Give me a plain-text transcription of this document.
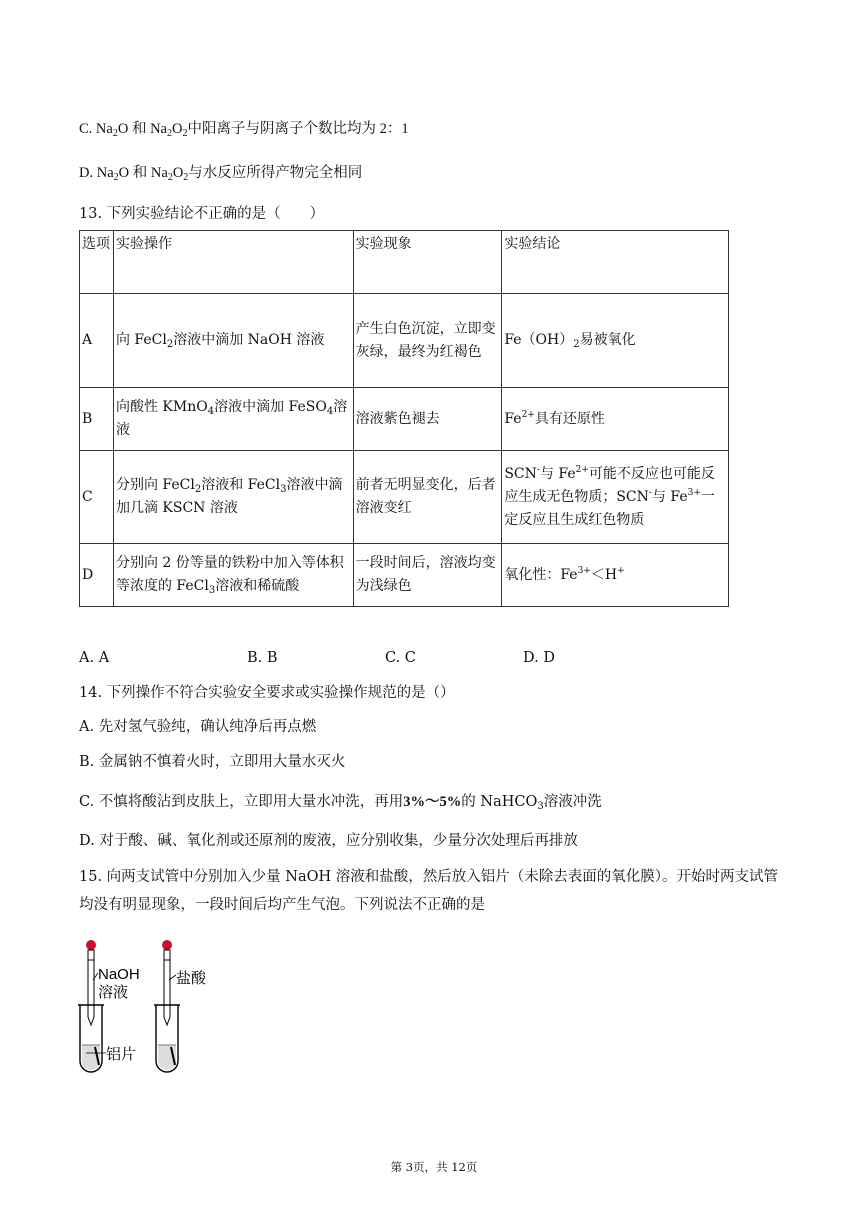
C. $Na_2O$ 和 $Na_2O_2$中阳离子与阴离子个数比均为 2：1
D. $Na_2O$ 和 $Na_2O_2$与水反应所得产物完全相同
13. 下列实验结论不正确的是（　　）
选项	实验操作	实验现象	实验结论
A	向 FeCl$_2$溶液中滴加 NaOH 溶液	产生白色沉淀，立即变灰绿，最终为红褐色	$Fe(OH)_2$易被氧化
B	向酸性 KMnO$_4$溶液中滴加 FeSO$_4$溶液	溶液紫色褪去	$Fe^{2+}$具有还原性
C	分别向 FeCl$_2$溶液和 FeCl$_3$溶液中滴加几滴 KSCN 溶液	前者无明显变化，后者溶液变红	SCN-与 $Fe^{2+}$可能不反应也可能反应生成无色物质；SCN-与 $Fe^{3+}$一定反应且生成红色物质
D	分别向 2 份等量的铁粉中加入等体积等浓度的 FeCl$_3$溶液和稀硫酸	一段时间后，溶液均变为浅绿色	氧化性：$Fe^{3+}<H^+$
A. A	B. B	C. C	D. D
14. 下列操作不符合实验安全要求或实验操作规范的是（）
A. 先对氢气验纯，确认纯净后再点燃
B. 金属钠不慎着火时，立即用大量水灭火
C. 不慎将酸沾到皮肤上，立即用大量水冲洗，再用3%～5%的 NaHCO$_3$溶液冲洗
D. 对于酸、碱、氧化剂或还原剂的废液，应分别收集，少量分次处理后再排放
15. 向两支试管中分别加入少量 NaOH 溶液和盐酸，然后放入铝片（未除去表面的氧化膜）。开始时两支试管均没有明显现象，一段时间后均产生气泡。下列说法不正确的是
NaOH
溶液
盐酸
铝片
第 3页，共 12页
